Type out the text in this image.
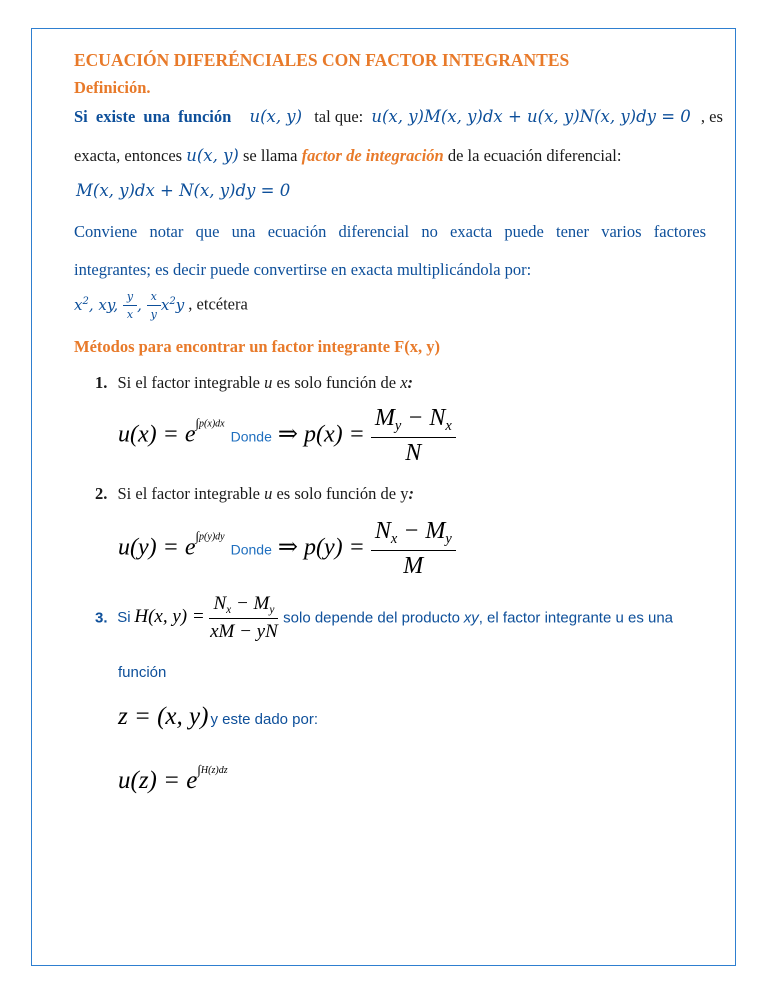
ECUACIÓN DIFERÉNCIALES CON FACTOR INTEGRANTES
Definición.
Si existe una función u(x, y) tal que: u(x, y)M(x, y)dx + u(x, y)N(x, y)dy = 0 , es
exacta, entonces u(x, y) se llama factor de integración de la ecuación diferencial:
M(x, y)dx + N(x, y)dy = 0
Conviene notar que una ecuación diferencial no exacta puede tener varios factores
integrantes; es decir puede convertirse en exacta multiplicándola por:
$x^2$, xy, $\frac{y}{x}$ , $\frac{x}{y} x^2y$ , etcétera
Métodos para encontrar un factor integrante F(x, y)
1. Si el factor integrable u es solo función de x:
$u(x) = e^{\int p(x)dx}$ Donde ⇒ $p(x) = \frac{M_y - N_x}{N}$
2. Si el factor integrable u es solo función de y:
$u(y) = e^{\int p(y)dy}$ Donde ⇒ $p(y) = \frac{N_x - M_y}{M}$
3. Si H(x, $y) = \frac{N_x - M_y}{xM - yN}$ solo depende del producto xy, el factor integrante u es una
función
z = (x, y) y este dado por:
$u(z) = e^{\int H(z)dz}$
